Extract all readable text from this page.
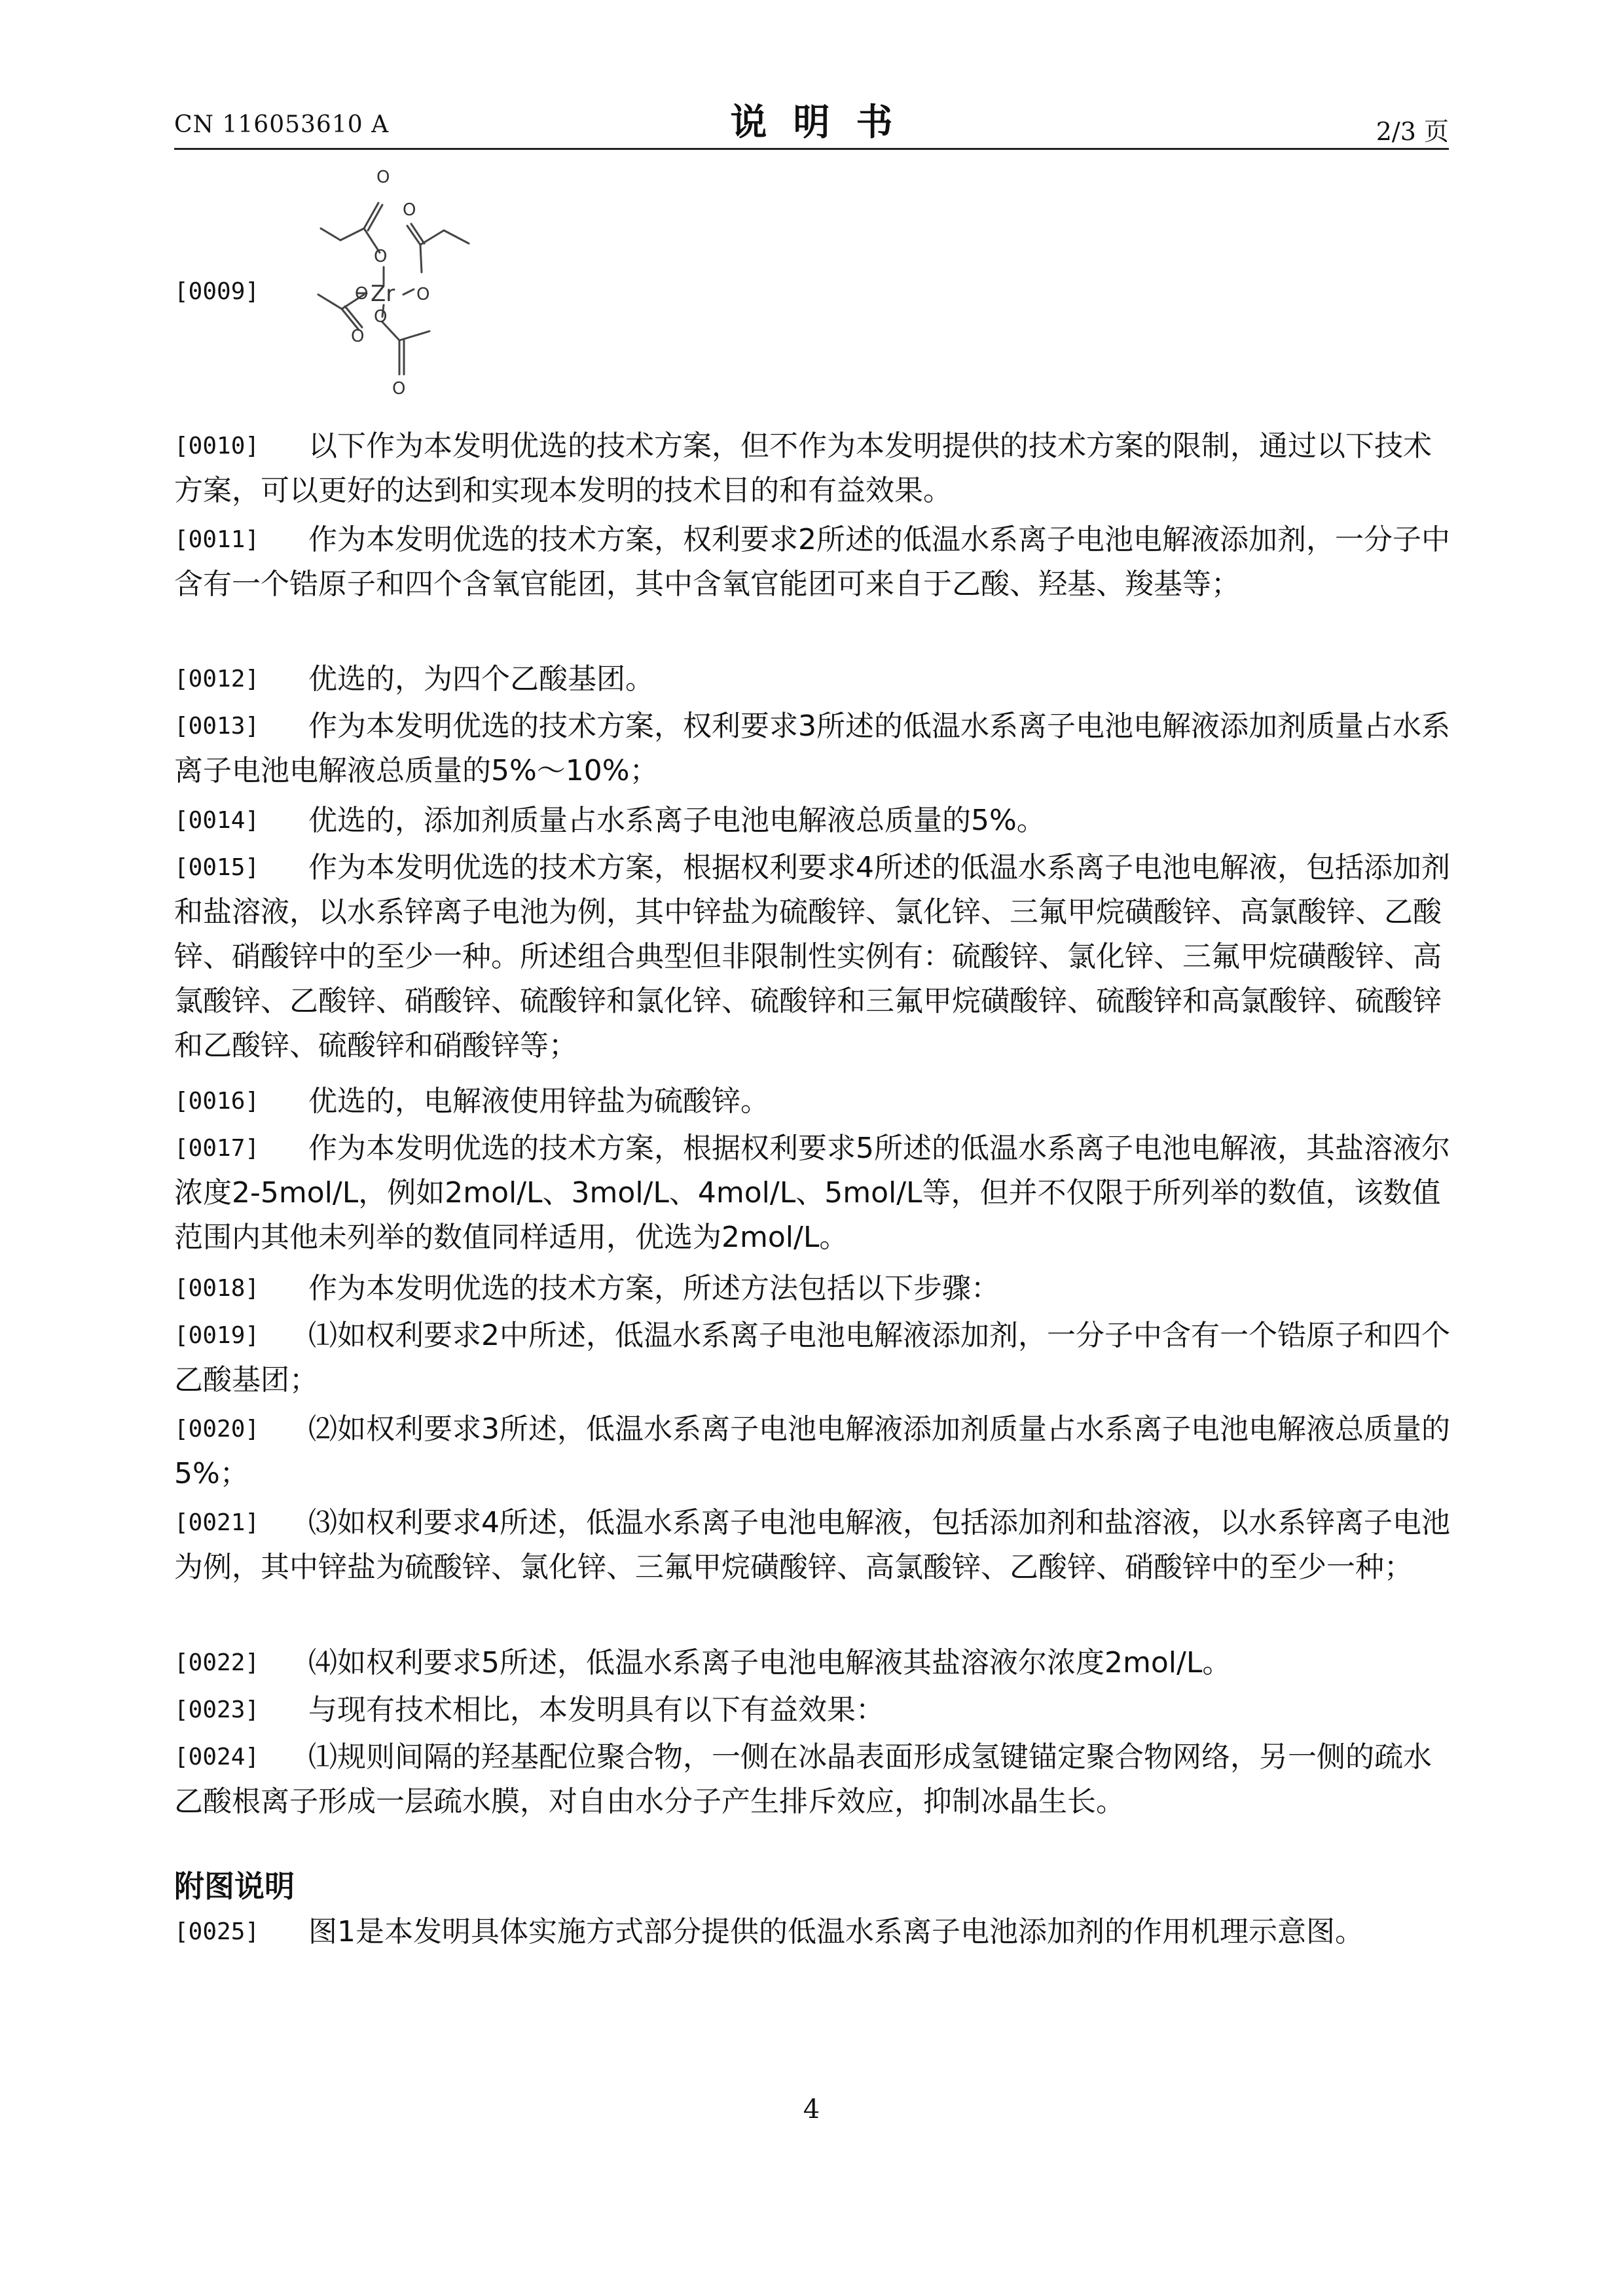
CN 116053610 A	说明书	2/3 页
[0009]
O
O
O
O
O
O
O
O
Zr

[0010] 以下作为本发明优选的技术方案，但不作为本发明提供的技术方案的限制，通过以下技术方案，可以更好的达到和实现本发明的技术目的和有益效果。

[0011] 作为本发明优选的技术方案，权利要求2所述的低温水系离子电池电解液添加剂，一分子中含有一个锆原子和四个含氧官能团，其中含氧官能团可来自于乙酸、羟基、羧基等；

[0012] 优选的，为四个乙酸基团。

[0013] 作为本发明优选的技术方案，权利要求3所述的低温水系离子电池电解液添加剂质量占水系离子电池电解液总质量的5%～10%；

[0014] 优选的，添加剂质量占水系离子电池电解液总质量的5%。

[0015] 作为本发明优选的技术方案，根据权利要求4所述的低温水系离子电池电解液，包括添加剂和盐溶液，以水系锌离子电池为例，其中锌盐为硫酸锌、氯化锌、三氟甲烷磺酸锌、高氯酸锌、乙酸锌、硝酸锌中的至少一种。所述组合典型但非限制性实例有：硫酸锌、氯化锌、三氟甲烷磺酸锌、高氯酸锌、乙酸锌、硝酸锌、硫酸锌和氯化锌、硫酸锌和三氟甲烷磺酸锌、硫酸锌和高氯酸锌、硫酸锌和乙酸锌、硫酸锌和硝酸锌等；

[0016] 优选的，电解液使用锌盐为硫酸锌。

[0017] 作为本发明优选的技术方案，根据权利要求5所述的低温水系离子电池电解液，其盐溶液尔浓度2-5mol/L，例如2mol/L、3mol/L、4mol/L、5mol/L等，但并不仅限于所列举的数值，该数值范围内其他未列举的数值同样适用，优选为2mol/L。

[0018] 作为本发明优选的技术方案，所述方法包括以下步骤：

[0019] ⑴如权利要求2中所述，低温水系离子电池电解液添加剂，一分子中含有一个锆原子和四个乙酸基团；

[0020] ⑵如权利要求3所述，低温水系离子电池电解液添加剂质量占水系离子电池电解液总质量的5%；

[0021] ⑶如权利要求4所述，低温水系离子电池电解液，包括添加剂和盐溶液，以水系锌离子电池为例，其中锌盐为硫酸锌、氯化锌、三氟甲烷磺酸锌、高氯酸锌、乙酸锌、硝酸锌中的至少一种；

[0022] ⑷如权利要求5所述，低温水系离子电池电解液其盐溶液尔浓度2mol/L。

[0023] 与现有技术相比，本发明具有以下有益效果：

[0024] ⑴规则间隔的羟基配位聚合物，一侧在冰晶表面形成氢键锚定聚合物网络，另一侧的疏水乙酸根离子形成一层疏水膜，对自由水分子产生排斥效应，抑制冰晶生长。

附图说明

[0025] 图1是本发明具体实施方式部分提供的低温水系离子电池添加剂的作用机理示意图。

4
